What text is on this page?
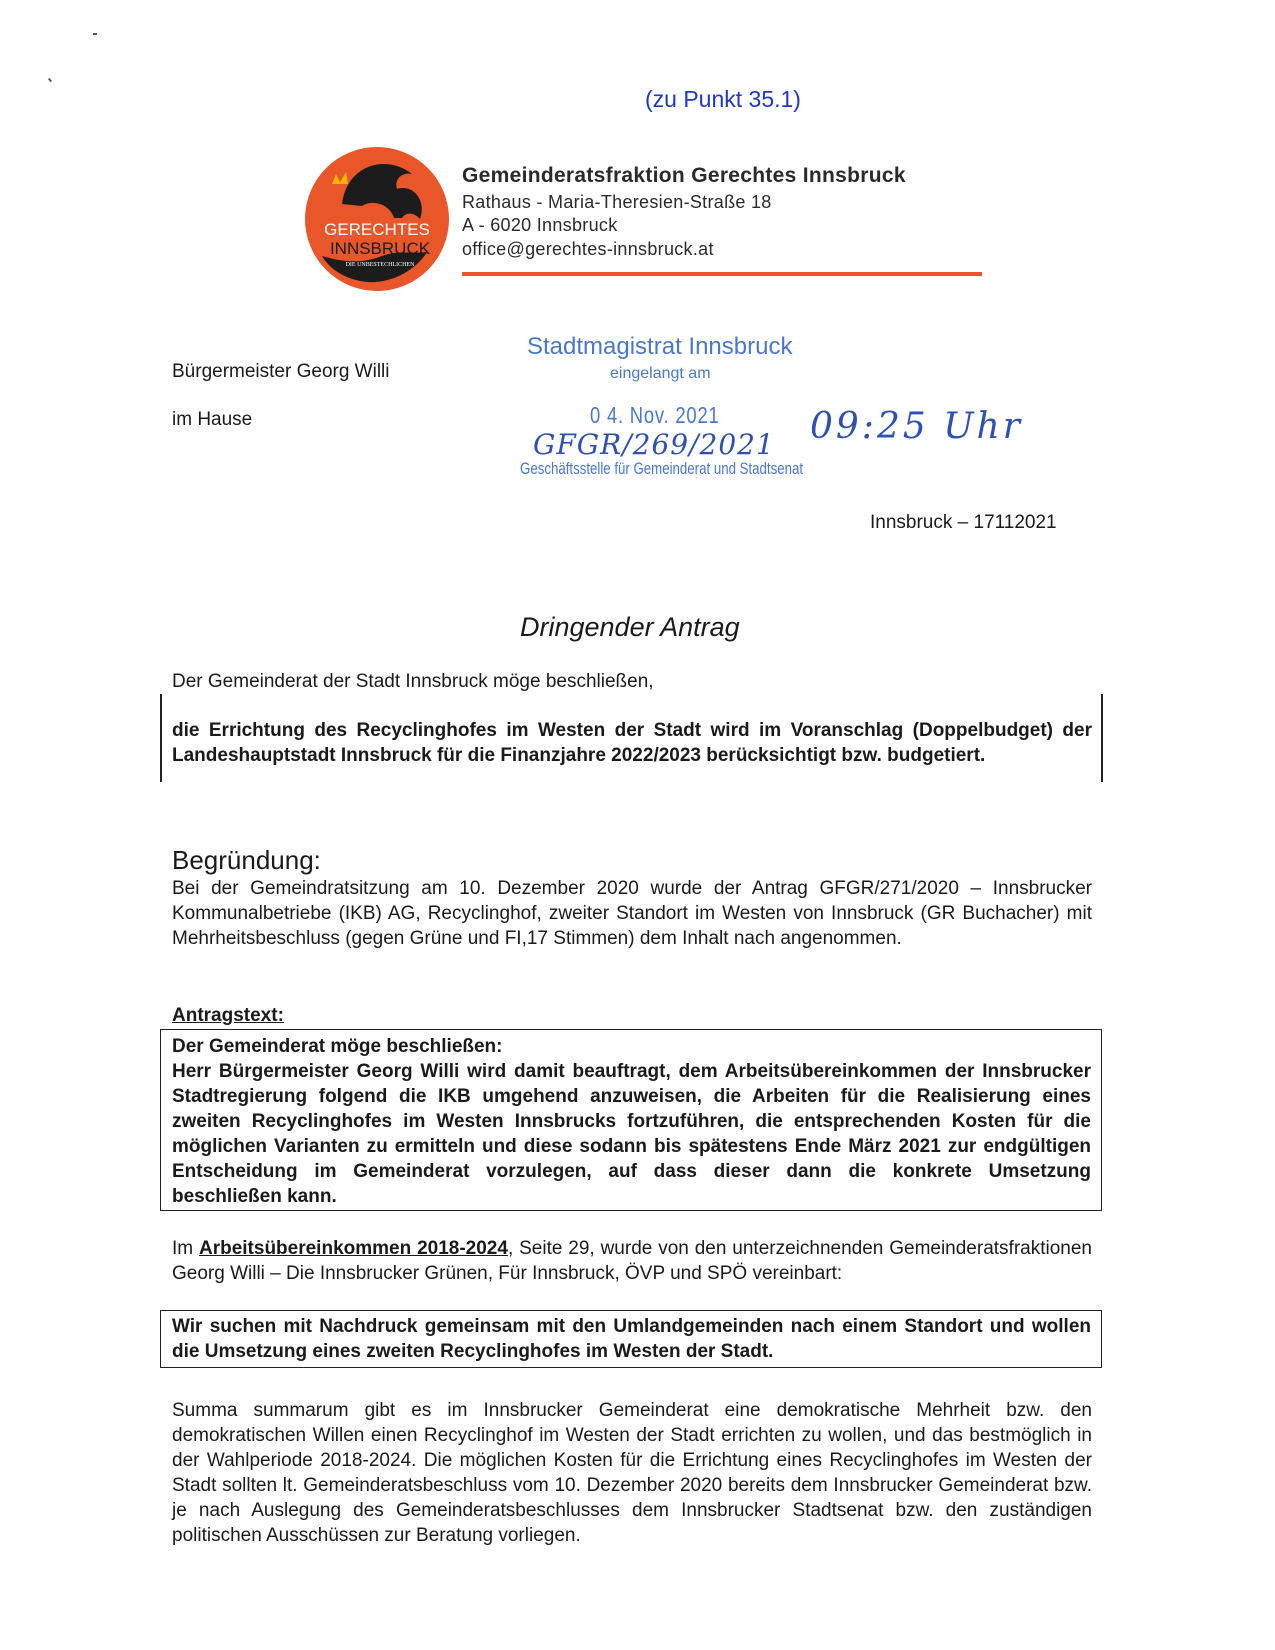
(zu Punkt 35.1)
GERECHTES
INNSBRUCK
DIE UNBESTECHLICHEN
Gemeinderatsfraktion Gerechtes Innsbruck
Rathaus - Maria-Theresien-Straße 18
A - 6020 Innsbruck
office@gerechtes-innsbruck.at
Bürgermeister Georg Willi
im Hause
Stadtmagistrat Innsbruck
eingelangt am
0 4. Nov. 2021
GFGR/269/2021 09:25 Uhr
Geschäftsstelle für Gemeinderat und Stadtsenat
Innsbruck – 17112021
Dringender Antrag
Der Gemeinderat der Stadt Innsbruck möge beschließen,
die Errichtung des Recyclinghofes im Westen der Stadt wird im Voranschlag (Doppelbudget) der Landeshauptstadt Innsbruck für die Finanzjahre 2022/2023 berücksichtigt bzw. budgetiert.
Begründung:
Bei der Gemeindratsitzung am 10. Dezember 2020 wurde der Antrag GFGR/271/2020 – Innsbrucker Kommunalbetriebe (IKB) AG, Recyclinghof, zweiter Standort im Westen von Innsbruck (GR Buchacher) mit Mehrheitsbeschluss (gegen Grüne und FI,17 Stimmen) dem Inhalt nach angenommen.
Antragstext:
Der Gemeinderat möge beschließen:
Herr Bürgermeister Georg Willi wird damit beauftragt, dem Arbeitsübereinkommen der Innsbrucker Stadtregierung folgend die IKB umgehend anzuweisen, die Arbeiten für die Realisierung eines zweiten Recyclinghofes im Westen Innsbrucks fortzuführen, die entsprechenden Kosten für die möglichen Varianten zu ermitteln und diese sodann bis spätestens Ende März 2021 zur endgültigen Entscheidung im Gemeinderat vorzulegen, auf dass dieser dann die konkrete Umsetzung beschließen kann.
Im Arbeitsübereinkommen 2018-2024, Seite 29, wurde von den unterzeichnenden Gemeinderatsfraktionen Georg Willi – Die Innsbrucker Grünen, Für Innsbruck, ÖVP und SPÖ vereinbart:
Wir suchen mit Nachdruck gemeinsam mit den Umlandgemeinden nach einem Standort und wollen die Umsetzung eines zweiten Recyclinghofes im Westen der Stadt.
Summa summarum gibt es im Innsbrucker Gemeinderat eine demokratische Mehrheit bzw. den demokratischen Willen einen Recyclinghof im Westen der Stadt errichten zu wollen, und das bestmöglich in der Wahlperiode 2018-2024. Die möglichen Kosten für die Errichtung eines Recyclinghofes im Westen der Stadt sollten lt. Gemeinderatsbeschluss vom 10. Dezember 2020 bereits dem Innsbrucker Gemeinderat bzw. je nach Auslegung des Gemeinderatsbeschlusses dem Innsbrucker Stadtsenat bzw. den zuständigen politischen Ausschüssen zur Beratung vorliegen.
